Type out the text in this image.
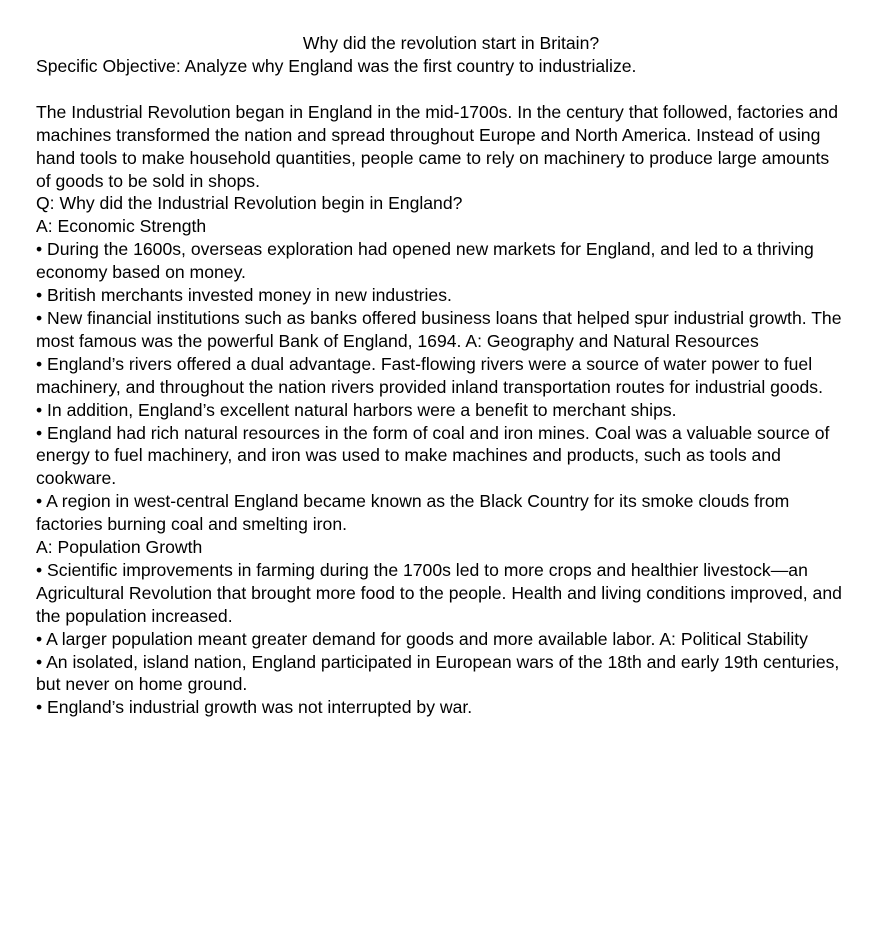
Why did the revolution start in Britain?

Specific Objective: Analyze why England was the first country to industrialize.

The Industrial Revolution began in England in the mid-1700s. In the century that followed, factories and machines transformed the nation and spread throughout Europe and North America. Instead of using hand tools to make household quantities, people came to rely on machinery to produce large amounts of goods to be sold in shops.

Q: Why did the Industrial Revolution begin in England?

A: Economic Strength

• During the 1600s, overseas exploration had opened new markets for England, and led to a thriving economy based on money.

• British merchants invested money in new industries.

• New financial institutions such as banks offered business loans that helped spur industrial growth. The most famous was the powerful Bank of England, 1694. A: Geography and Natural Resources

• England’s rivers offered a dual advantage. Fast-flowing rivers were a source of water power to fuel machinery, and throughout the nation rivers provided inland transportation routes for industrial goods.

• In addition, England’s excellent natural harbors were a benefit to merchant ships.

• England had rich natural resources in the form of coal and iron mines. Coal was a valuable source of energy to fuel machinery, and iron was used to make machines and products, such as tools and cookware.

• A region in west-central England became known as the Black Country for its smoke clouds from factories burning coal and smelting iron.

A: Population Growth

• Scientific improvements in farming during the 1700s led to more crops and healthier livestock—an Agricultural Revolution that brought more food to the people. Health and living conditions improved, and the population increased.

• A larger population meant greater demand for goods and more available labor. A: Political Stability

• An isolated, island nation, England participated in European wars of the 18th and early 19th centuries, but never on home ground.

• England’s industrial growth was not interrupted by war.
